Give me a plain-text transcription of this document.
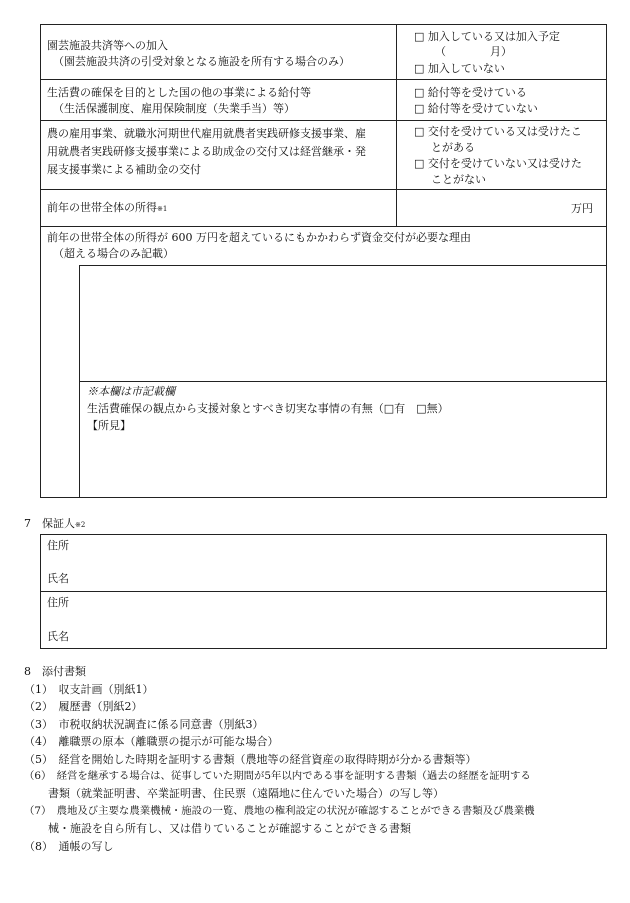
園芸施設共済等への加入
（園芸施設共済の引受対象となる施設を所有する場合のみ）
□ 加入している又は加入予定
（　　　　月）
□ 加入していない
生活費の確保を目的とした国の他の事業による給付等
（生活保護制度、雇用保険制度（失業手当）等）
□ 給付等を受けている
□ 給付等を受けていない
農の雇用事業、就職氷河期世代雇用就農者実践研修支援事業、雇
用就農者実践研修支援事業による助成金の交付又は経営継承・発
展支援事業による補助金の交付
□ 交付を受けている又は受けたこ
とがある
□ 交付を受けていない又は受けた
ことがない
前年の世帯全体の所得※1	万円
前年の世帯全体の所得が 600 万円を超えているにもかかわらず資金交付が必要な理由
（超える場合のみ記載）
※本欄は市記載欄
生活費確保の観点から支援対象とすべき切実な事情の有無（□有　□無）
【所見】
7　保証人※2
住所
氏名
住所
氏名
8　添付書類
（1）　収支計画（別紙1）
（2）　履歴書（別紙2）
（3）　市税収納状況調査に係る同意書（別紙3）
（4）　離職票の原本（離職票の提示が可能な場合）
（5）　経営を開始した時期を証明する書類（農地等の経営資産の取得時期が分かる書類等）
（6）　経営を継承する場合は、従事していた期間が5年以内である事を証明する書類（過去の経歴を証明する
書類（就業証明書、卒業証明書、住民票（遠隔地に住んでいた場合）の写し等）
（7）　農地及び主要な農業機械・施設の一覧、農地の権利設定の状況が確認することができる書類及び農業機
械・施設を自ら所有し、又は借りていることが確認することができる書類
（8）　通帳の写し
